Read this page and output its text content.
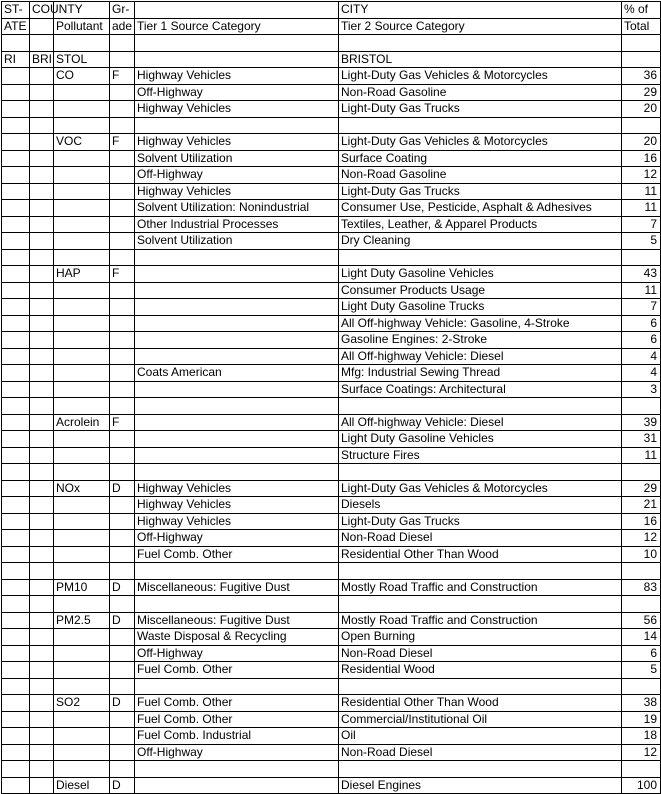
ST-	COUNTY		Gr-		CITY	% of
ATE		Pollutant	ade	Tier 1 Source Category	Tier 2 Source Category	Total

RI	BRI	STOL			BRISTOL	
		CO	F	Highway Vehicles	Light-Duty Gas Vehicles & Motorcycles	36
				Off-Highway	Non-Road Gasoline	29
				Highway Vehicles	Light-Duty Gas Trucks	20

		VOC	F	Highway Vehicles	Light-Duty Gas Vehicles & Motorcycles	20
				Solvent Utilization	Surface Coating	16
				Off-Highway	Non-Road Gasoline	12
				Highway Vehicles	Light-Duty Gas Trucks	11
				Solvent Utilization: Nonindustrial	Consumer Use, Pesticide, Asphalt & Adhesives	11
				Other Industrial Processes	Textiles, Leather, & Apparel Products	7
				Solvent Utilization	Dry Cleaning	5

		HAP	F		Light Duty Gasoline Vehicles	43
					Consumer Products Usage	11
					Light Duty Gasoline Trucks	7
					All Off-highway Vehicle: Gasoline, 4-Stroke	6
					Gasoline Engines: 2-Stroke	6
					All Off-highway Vehicle: Diesel	4
				Coats American	Mfg: Industrial Sewing Thread	4
					Surface Coatings: Architectural	3

		Acrolein	F		All Off-highway Vehicle: Diesel	39
					Light Duty Gasoline Vehicles	31
					Structure Fires	11

		NOx	D	Highway Vehicles	Light-Duty Gas Vehicles & Motorcycles	29
				Highway Vehicles	Diesels	21
				Highway Vehicles	Light-Duty Gas Trucks	16
				Off-Highway	Non-Road Diesel	12
				Fuel Comb. Other	Residential Other Than Wood	10

		PM10	D	Miscellaneous: Fugitive Dust	Mostly Road Traffic and Construction	83

		PM2.5	D	Miscellaneous: Fugitive Dust	Mostly Road Traffic and Construction	56
				Waste Disposal & Recycling	Open Burning	14
				Off-Highway	Non-Road Diesel	6
				Fuel Comb. Other	Residential Wood	5

		SO2	D	Fuel Comb. Other	Residential Other Than Wood	38
				Fuel Comb. Other	Commercial/Institutional Oil	19
				Fuel Comb. Industrial	Oil	18
				Off-Highway	Non-Road Diesel	12

		Diesel	D		Diesel Engines	100
